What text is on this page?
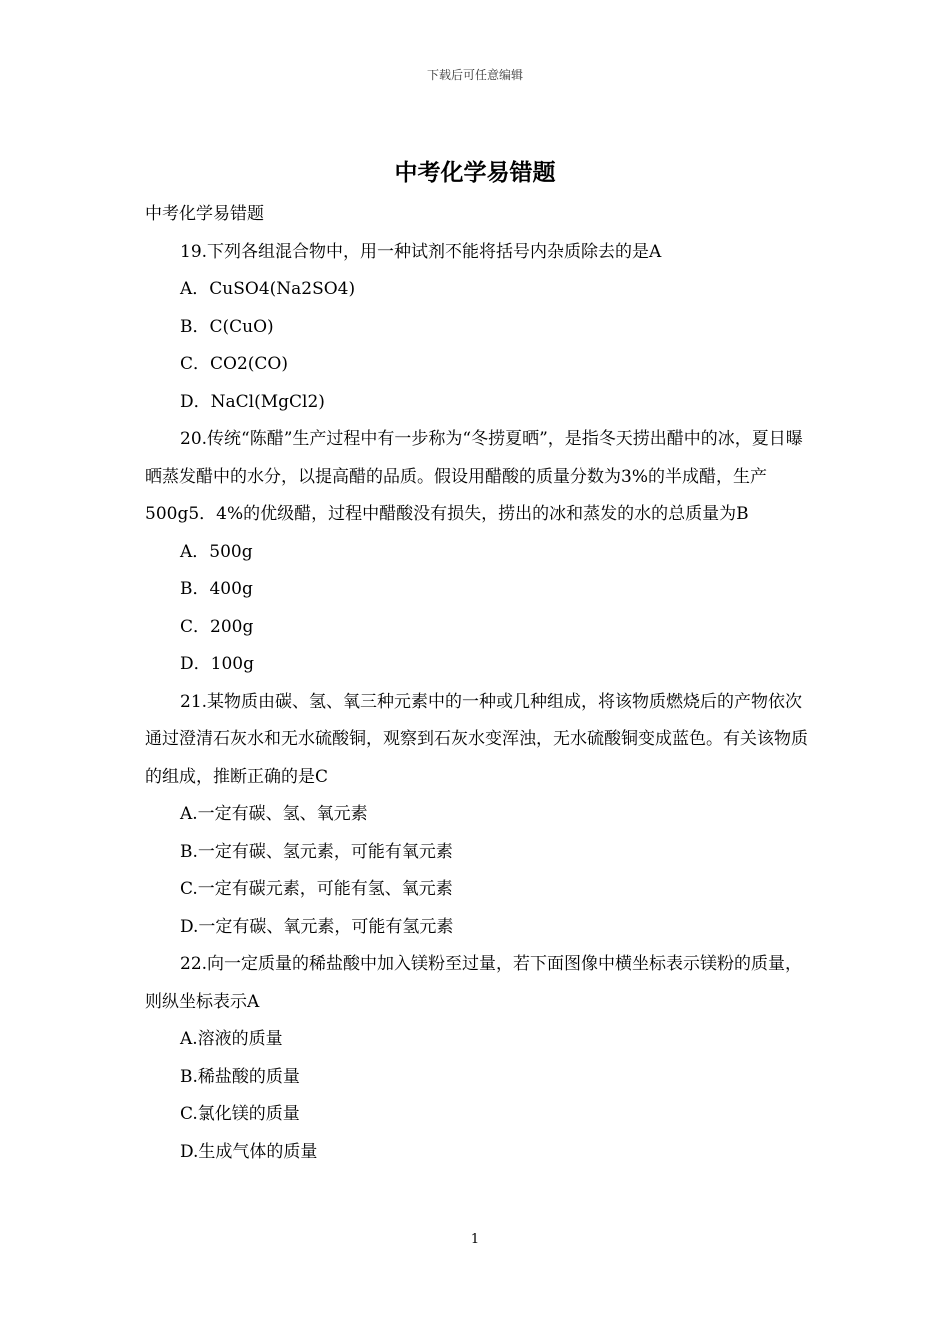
下载后可任意编辑
中考化学易错题

中考化学易错题

19.下列各组混合物中，用一种试剂不能将括号内杂质除去的是A

A．CuSO4(Na2SO4)

B．C(CuO)

C．CO2(CO)

D．NaCl(MgCl2)

20.传统“陈醋”生产过程中有一步称为“冬捞夏晒”，是指冬天捞出醋中的冰，夏日曝晒蒸发醋中的水分，以提高醋的品质。假设用醋酸的质量分数为3%的半成醋，生产500g5．4%的优级醋，过程中醋酸没有损失，捞出的冰和蒸发的水的总质量为B

A．500g

B．400g

C．200g

D．100g

21.某物质由碳、氢、氧三种元素中的一种或几种组成，将该物质燃烧后的产物依次通过澄清石灰水和无水硫酸铜，观察到石灰水变浑浊，无水硫酸铜变成蓝色。有关该物质的组成，推断正确的是C

A.一定有碳、氢、氧元素

B.一定有碳、氢元素，可能有氧元素

C.一定有碳元素，可能有氢、氧元素

D.一定有碳、氧元素，可能有氢元素

22.向一定质量的稀盐酸中加入镁粉至过量，若下面图像中横坐标表示镁粉的质量，则纵坐标表示A

A.溶液的质量

B.稀盐酸的质量

C.氯化镁的质量

D.生成气体的质量

1
